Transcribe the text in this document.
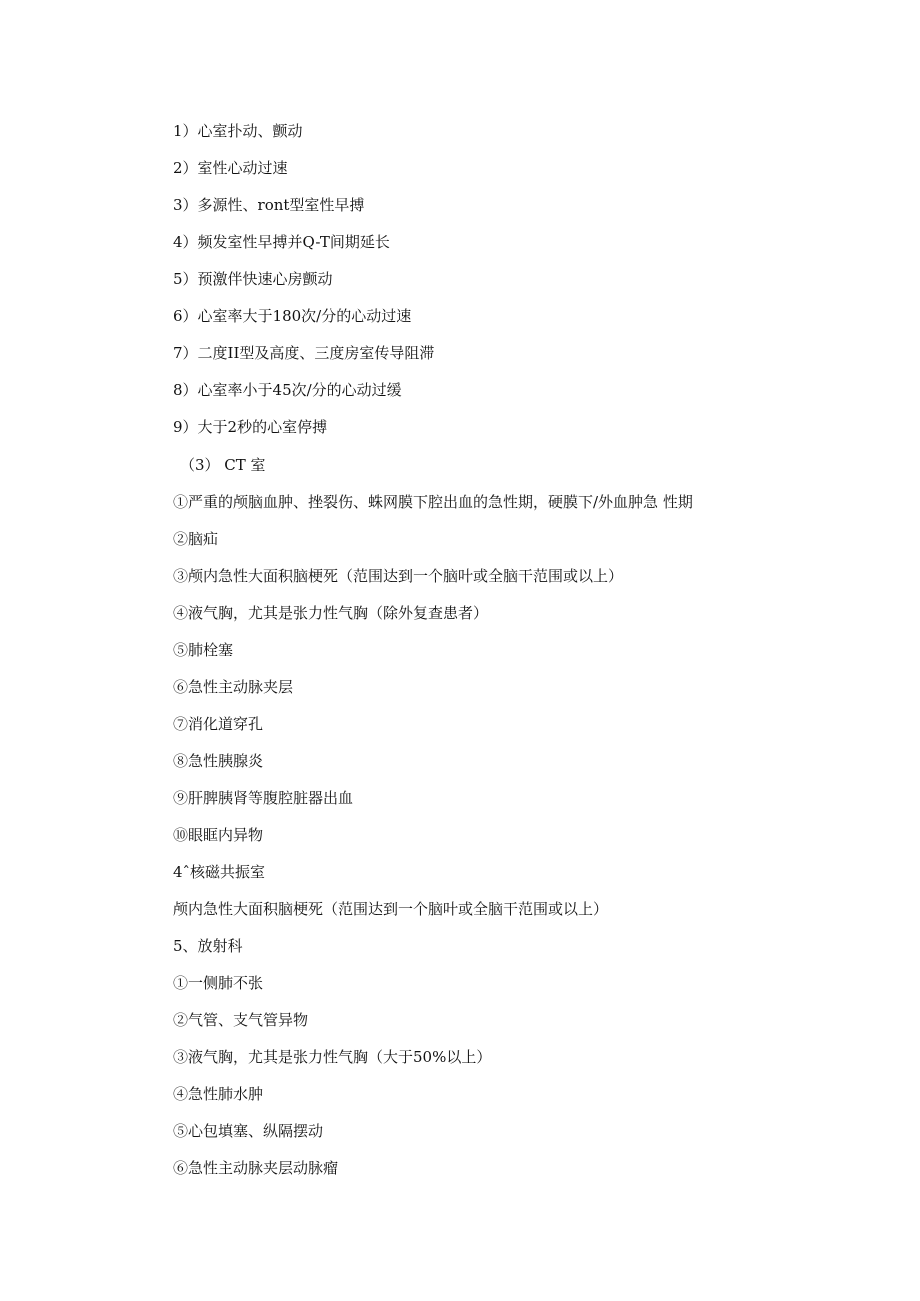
1）心室扑动、颤动
2）室性心动过速
3）多源性、ront型室性早搏
4）频发室性早搏并Q-T间期延长
5）预激伴快速心房颤动
6）心室率大于180次/分的心动过速
7）二度II型及高度、三度房室传导阻滞
8）心室率小于45次/分的心动过缓
9）大于2秒的心室停搏
（3） CT 室
①严重的颅脑血肿、挫裂伤、蛛网膜下腔出血的急性期，硬膜下/外血肿急 性期
②脑疝
③颅内急性大面积脑梗死（范围达到一个脑叶或全脑干范围或以上）
④液气胸，尤其是张力性气胸（除外复查患者）
⑤肺栓塞
⑥急性主动脉夹层
⑦消化道穿孔
⑧急性胰腺炎
⑨肝脾胰肾等腹腔脏器出血
⑩眼眶内异物
4ˆ核磁共振室
颅内急性大面积脑梗死（范围达到一个脑叶或全脑干范围或以上）
5、放射科
①一侧肺不张
②气管、支气管异物
③液气胸，尤其是张力性气胸（大于50%以上）
④急性肺水肿
⑤心包填塞、纵隔摆动
⑥急性主动脉夹层动脉瘤
